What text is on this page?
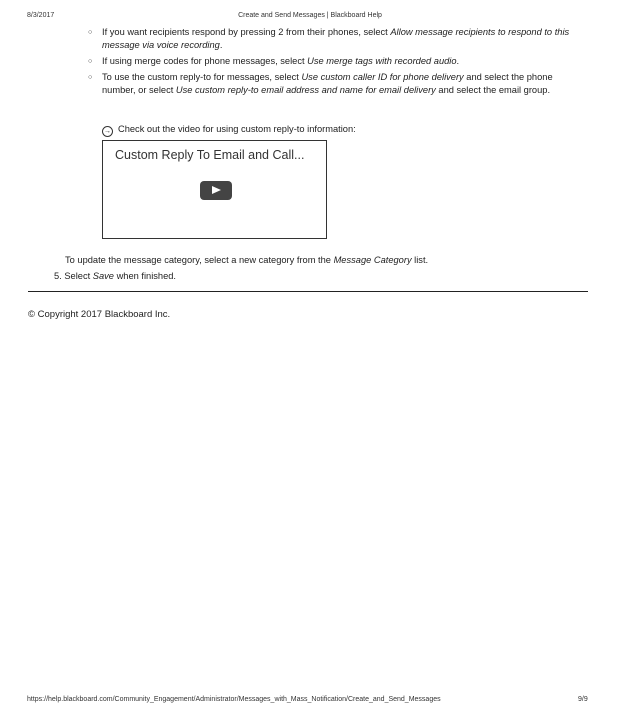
8/3/2017	Create and Send Messages | Blackboard Help
○ If you want recipients respond by pressing 2 from their phones, select Allow message recipients to respond to this message via voice recording.
○ If using merge codes for phone messages, select Use merge tags with recorded audio.
○ To use the custom reply-to for messages, select Use custom caller ID for phone delivery and select the phone number, or select Use custom reply-to email address and name for email delivery and select the email group.
→ Check out the video for using custom reply-to information:
Custom Reply To Email and Call...
To update the message category, select a new category from the Message Category list.
5. Select Save when finished.
© Copyright 2017 Blackboard Inc.
https://help.blackboard.com/Community_Engagement/Administrator/Messages_with_Mass_Notification/Create_and_Send_Messages	9/9
